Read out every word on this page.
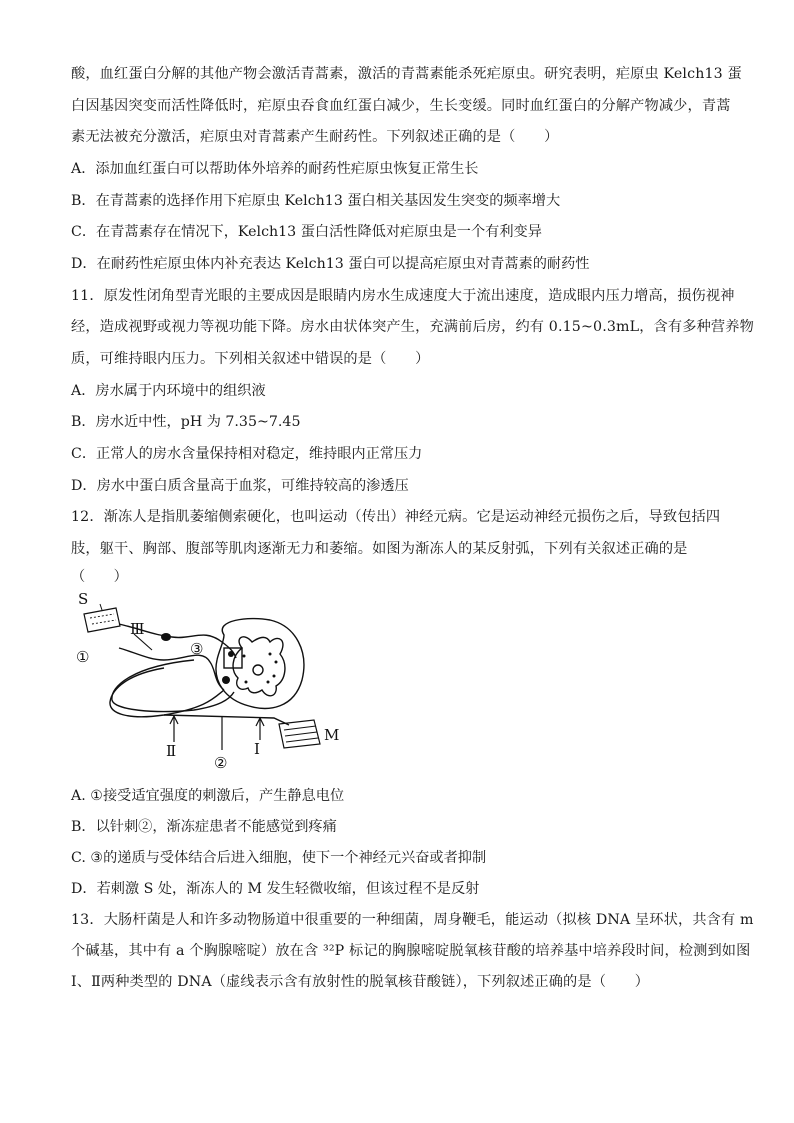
酸，血红蛋白分解的其他产物会激活青蒿素，激活的青蒿素能杀死疟原虫。研究表明，疟原虫 Kelch13 蛋
白因基因突变而活性降低时，疟原虫吞食血红蛋白减少，生长变缓。同时血红蛋白的分解产物减少，青蒿
素无法被充分激活，疟原虫对青蒿素产生耐药性。下列叙述正确的是（　　）
A．添加血红蛋白可以帮助体外培养的耐药性疟原虫恢复正常生长
B．在青蒿素的选择作用下疟原虫 Kelch13 蛋白相关基因发生突变的频率增大
C．在青蒿素存在情况下，Kelch13 蛋白活性降低对疟原虫是一个有利变异
D．在耐药性疟原虫体内补充表达 Kelch13 蛋白可以提高疟原虫对青蒿素的耐药性
11．原发性闭角型青光眼的主要成因是眼睛内房水生成速度大于流出速度，造成眼内压力增高，损伤视神
经，造成视野或视力等视功能下降。房水由状体突产生，充满前后房，约有 0.15~0.3mL，含有多种营养物
质，可维持眼内压力。下列相关叙述中错误的是（　　）
A．房水属于内环境中的组织液
B．房水近中性，pH 为 7.35~7.45
C．正常人的房水含量保持相对稳定，维持眼内正常压力
D．房水中蛋白质含量高于血浆，可维持较高的渗透压
12．渐冻人是指肌萎缩侧索硬化，也叫运动（传出）神经元病。它是运动神经元损伤之后，导致包括四
肢，躯干、胸部、腹部等肌肉逐渐无力和萎缩。如图为渐冻人的某反射弧，下列有关叙述正确的是
（　　）
S
Ⅲ
①	③
Ⅱ
②
Ⅰ
M
A. ①接受适宜强度的刺激后，产生静息电位
B．以针刺②，渐冻症患者不能感觉到疼痛
C. ③的递质与受体结合后进入细胞，使下一个神经元兴奋或者抑制
D．若刺激 S 处，渐冻人的 M 发生轻微收缩，但该过程不是反射
13．大肠杆菌是人和许多动物肠道中很重要的一种细菌，周身鞭毛，能运动（拟核 DNA 呈环状，共含有 m
个碱基，其中有 a 个胸腺嘧啶）放在含 ³²P 标记的胸腺嘧啶脱氧核苷酸的培养基中培养段时间，检测到如图
Ⅰ、Ⅱ两种类型的 DNA（虚线表示含有放射性的脱氧核苷酸链），下列叙述正确的是（　　）
